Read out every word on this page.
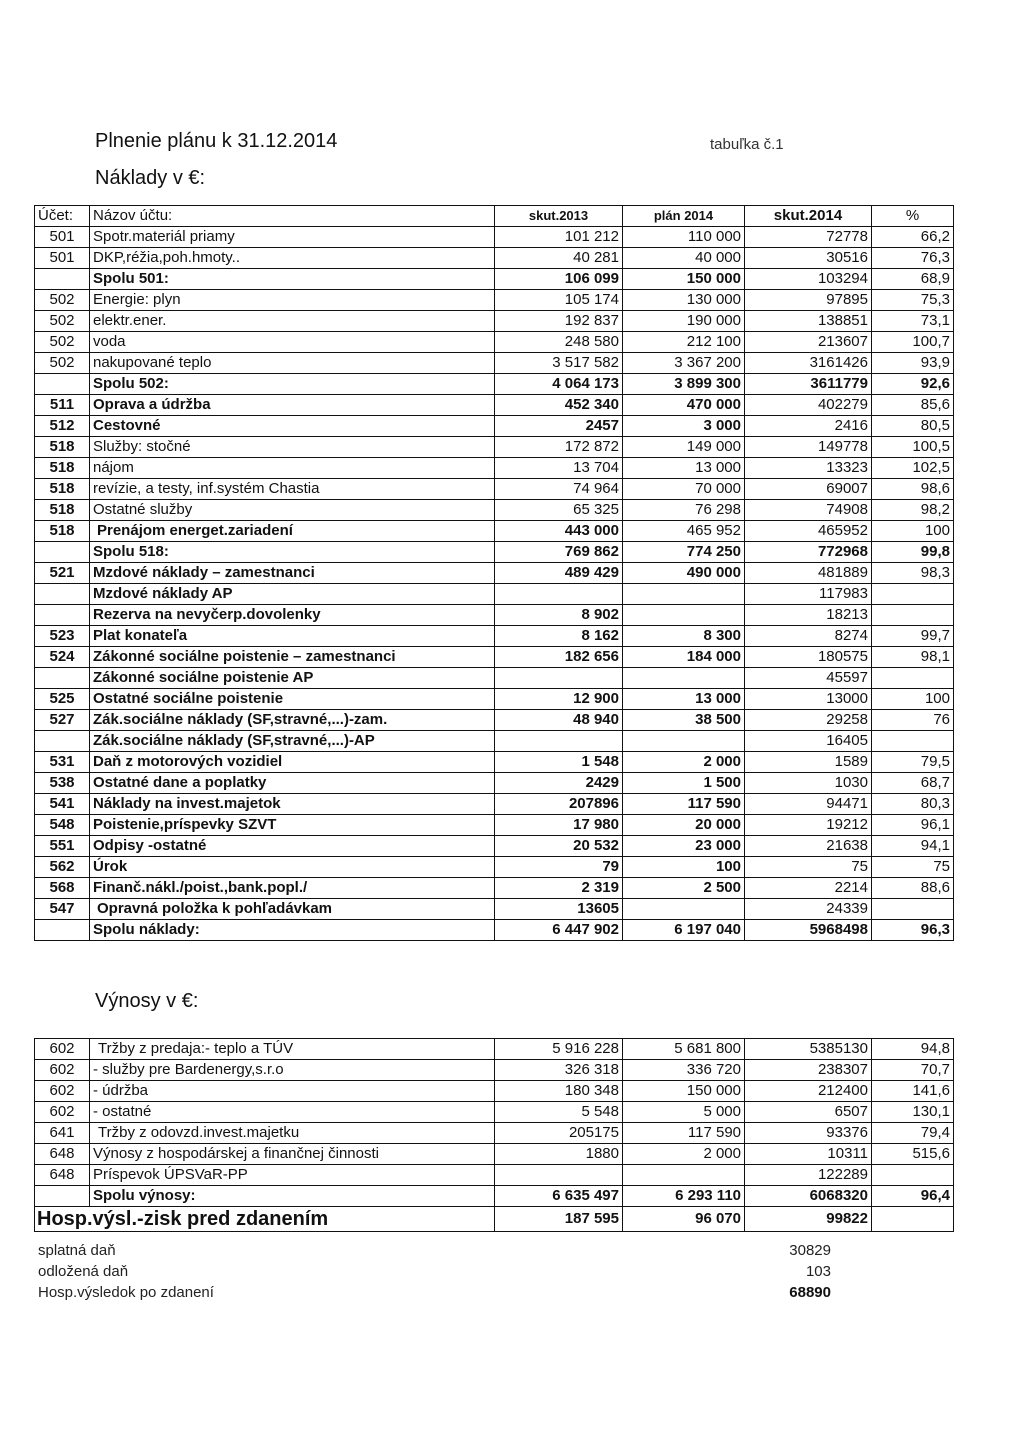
Plnenie plánu k 31.12.2014	tabuľka č.1
Náklady v €:
Účet:	Názov účtu:	skut.2013	plán 2014	skut.2014	%
501	Spotr.materiál priamy	101 212	110 000	72778	66,2
501	DKP,réžia,poh.hmoty..	40 281	40 000	30516	76,3
	Spolu 501:	106 099	150 000	103294	68,9
502	Energie: plyn	105 174	130 000	97895	75,3
502	elektr.ener.	192 837	190 000	138851	73,1
502	voda	248 580	212 100	213607	100,7
502	nakupované teplo	3 517 582	3 367 200	3161426	93,9
	Spolu 502:	4 064 173	3 899 300	3611779	92,6
511	Oprava a údržba	452 340	470 000	402279	85,6
512	Cestovné	2457	3 000	2416	80,5
518	Služby: stočné	172 872	149 000	149778	100,5
518	nájom	13 704	13 000	13323	102,5
518	revízie, a testy, inf.systém Chastia	74 964	70 000	69007	98,6
518	Ostatné služby	65 325	76 298	74908	98,2
518	Prenájom energet.zariadení	443 000	465 952	465952	100
	Spolu 518:	769 862	774 250	772968	99,8
521	Mzdové náklady – zamestnanci	489 429	490 000	481889	98,3
	Mzdové náklady AP			117983	
	Rezerva na nevyčerp.dovolenky	8 902		18213	
523	Plat konateľa	8 162	8 300	8274	99,7
524	Zákonné sociálne poistenie – zamestnanci	182 656	184 000	180575	98,1
	Zákonné sociálne poistenie AP			45597	
525	Ostatné sociálne poistenie	12 900	13 000	13000	100
527	Zák.sociálne náklady (SF,stravné,...)-zam.	48 940	38 500	29258	76
	Zák.sociálne náklady (SF,stravné,...)-AP			16405	
531	Daň z motorových vozidiel	1 548	2 000	1589	79,5
538	Ostatné dane a poplatky	2429	1 500	1030	68,7
541	Náklady na invest.majetok	207896	117 590	94471	80,3
548	Poistenie,príspevky SZVT	17 980	20 000	19212	96,1
551	Odpisy -ostatné	20 532	23 000	21638	94,1
562	Úrok	79	100	75	75
568	Finanč.nákl./poist.,bank.popl./	2 319	2 500	2214	88,6
547	Opravná položka k pohľadávkam	13605		24339	
	Spolu náklady:	6 447 902	6 197 040	5968498	96,3
Výnosy v €:
602	Tržby z predaja:- teplo a TÚV	5 916 228	5 681 800	5385130	94,8
602	- služby pre Bardenergy,s.r.o	326 318	336 720	238307	70,7
602	- údržba	180 348	150 000	212400	141,6
602	- ostatné	5 548	5 000	6507	130,1
641	Tržby z odovzd.invest.majetku	205175	117 590	93376	79,4
648	Výnosy z hospodárskej a finančnej činnosti	1880	2 000	10311	515,6
648	Príspevok ÚPSVaR-PP			122289	
	Spolu výnosy:	6 635 497	6 293 110	6068320	96,4
Hosp.výsl.-zisk pred zdanením		187 595	96 070	99822	
splatná daň	30829
odložená daň	103
Hosp.výsledok po zdanení	68890
